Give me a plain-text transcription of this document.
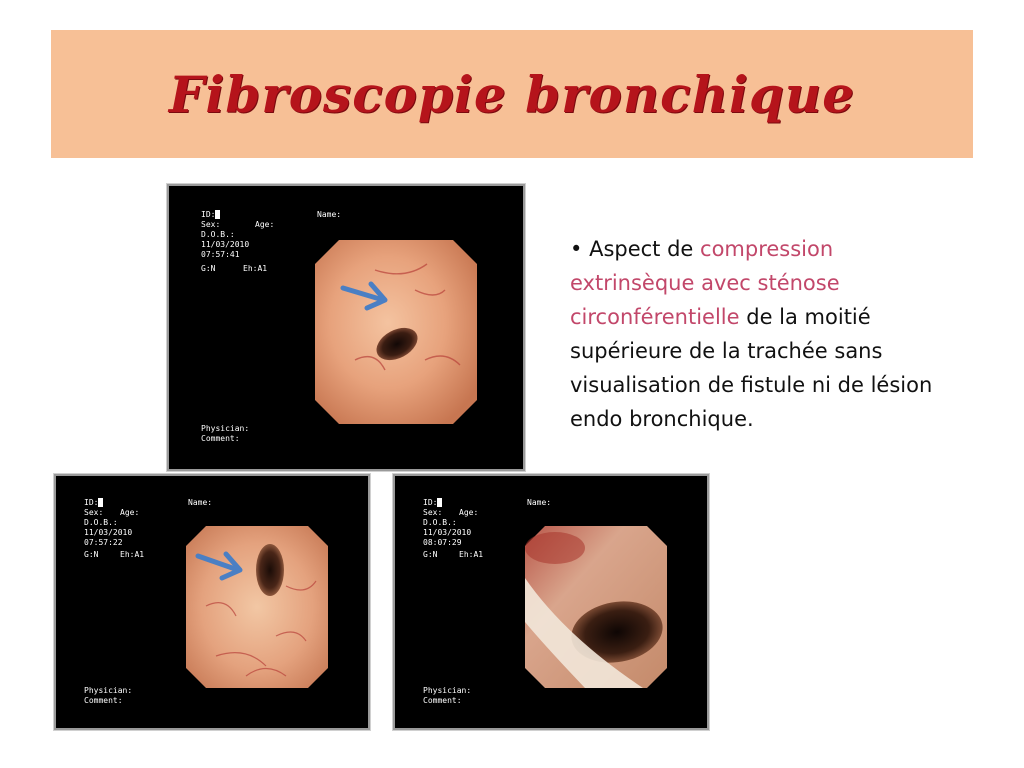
Fibroscopie bronchique
ID:
Sex:	Age:
D.O.B.:
11/03/2010
07:57:41
G:N	Eh:A1
Name:
Physician:
Comment:
ID:
Sex: Age:
D.O.B.:
11/03/2010
07:57:22
G:N	Eh:A1
Name:
Physician:
Comment:
ID:
Sex: Age:
D.O.B.:
11/03/2010
08:07:29
G:N	Eh:A1
Name:
Physician:
Comment:
• Aspect de compression extrinsèque avec sténose circonférentielle de la moitié supérieure de la trachée sans visualisation de fistule ni de lésion endo bronchique.
